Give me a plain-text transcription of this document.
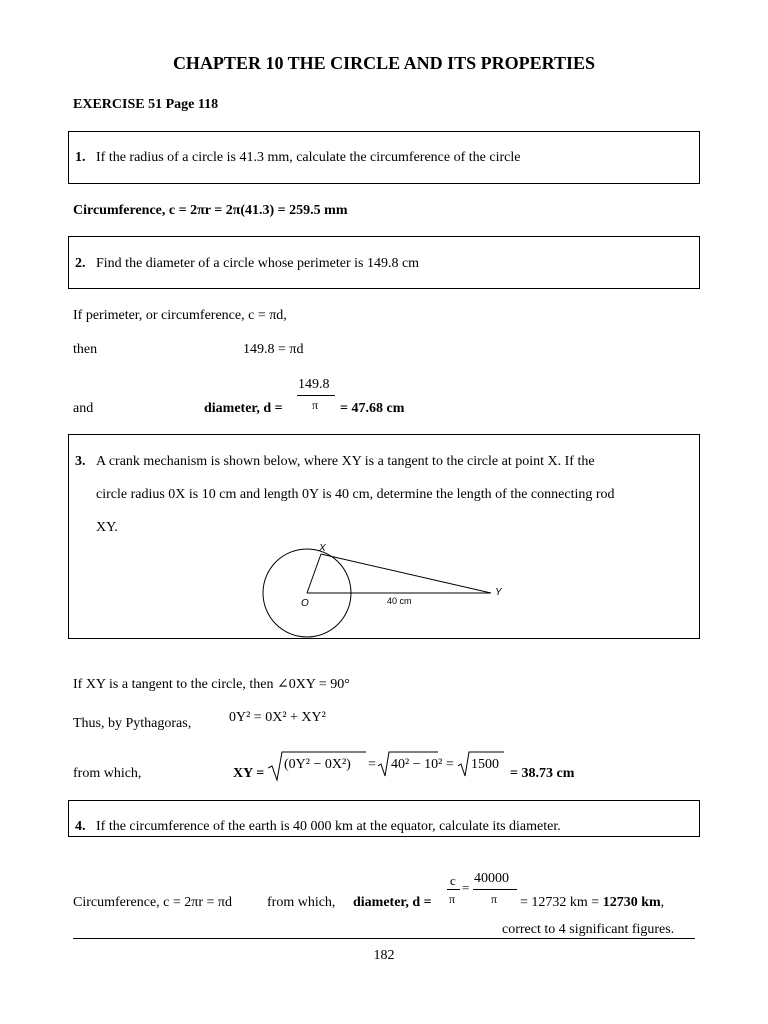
CHAPTER 10 THE CIRCLE AND ITS PROPERTIES
EXERCISE 51 Page 118
1. If the radius of a circle is 41.3 mm, calculate the circumference of the circle
Circumference, c = 2πr = 2π(41.3) = 259.5 mm
2. Find the diameter of a circle whose perimeter is 149.8 cm
If perimeter, or circumference, c = πd,
then	149.8 = πd
and	diameter, d =
149.8
π = 47.68 cm
3. A crank mechanism is shown below, where XY is a tangent to the circle at point X. If the
circle radius 0X is 10 cm and length 0Y is 40 cm, determine the length of the connecting rod
XY.
X
O
Y
40 cm
If XY is a tangent to the circle, then ∠0XY = 90°
Thus, by Pythagoras,	0Y² = 0X² + XY²
from which,	XY =
(0Y² − 0X²) = 40² − 10² = 1500
= 38.73 cm
4. If the circumference of the earth is 40 000 km at the equator, calculate its diameter.
Circumference, c = 2πr = πd	from which, diameter, d =
c
π
=
40000
π = 12732 km = 12730 km,
correct to 4 significant figures.
182
